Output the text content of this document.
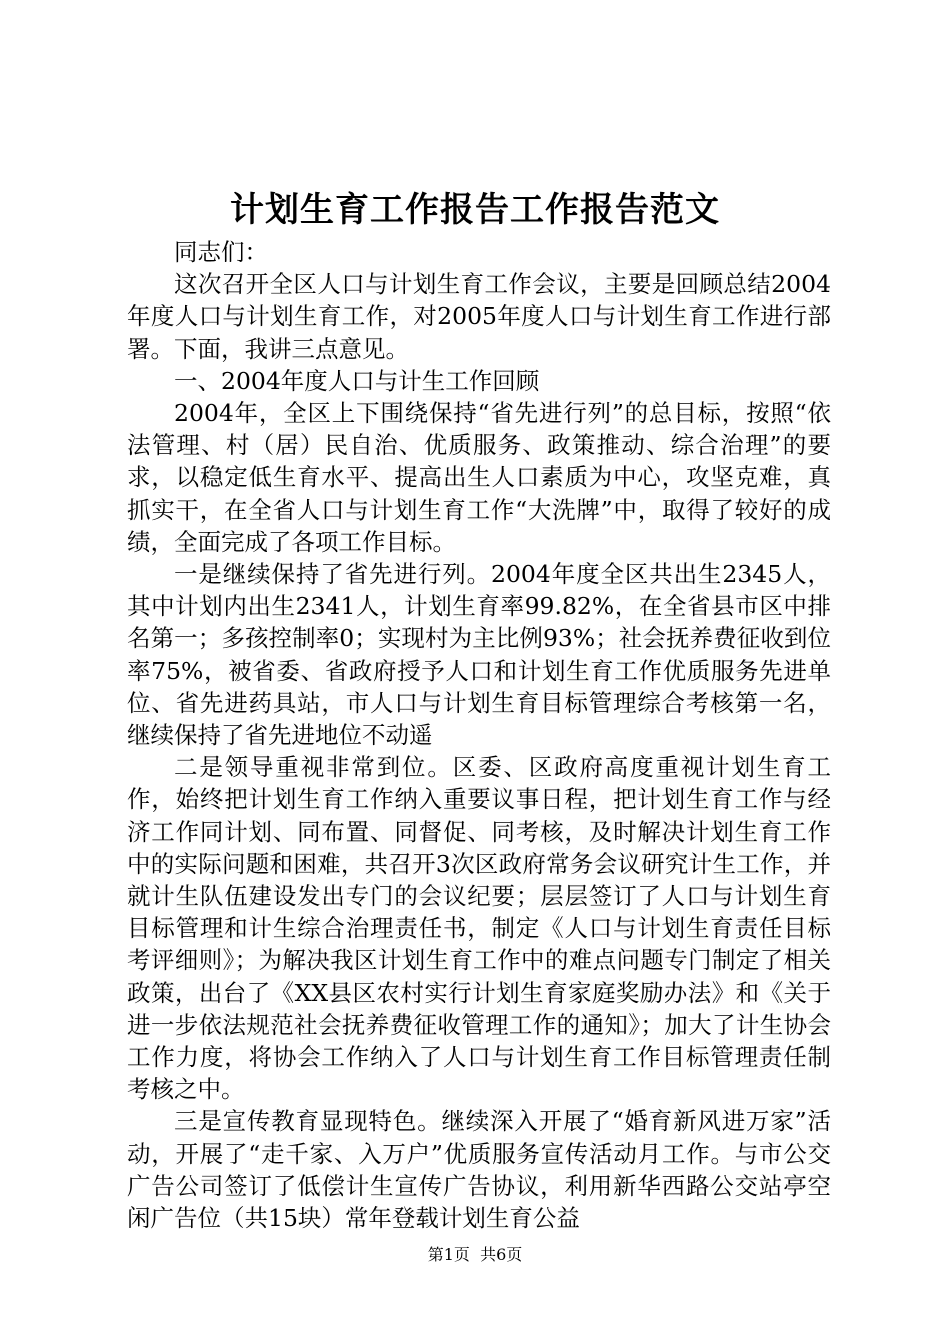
计划生育工作报告工作报告范文

同志们：

这次召开全区人口与计划生育工作会议，主要是回顾总结2004年度人口与计划生育工作，对2005年度人口与计划生育工作进行部署。下面，我讲三点意见。

一、2004年度人口与计生工作回顾

2004年，全区上下围绕保持“省先进行列”的总目标，按照“依法管理、村（居）民自治、优质服务、政策推动、综合治理”的要求，以稳定低生育水平、提高出生人口素质为中心，攻坚克难，真抓实干，在全省人口与计划生育工作“大洗牌”中，取得了较好的成绩，全面完成了各项工作目标。

一是继续保持了省先进行列。2004年度全区共出生2345人，其中计划内出生2341人，计划生育率99.82%，在全省县市区中排名第一；多孩控制率0；实现村为主比例93%；社会抚养费征收到位率75%，被省委、省政府授予人口和计划生育工作优质服务先进单位、省先进药具站，市人口与计划生育目标管理综合考核第一名，继续保持了省先进地位不动遥

二是领导重视非常到位。区委、区政府高度重视计划生育工作，始终把计划生育工作纳入重要议事日程，把计划生育工作与经济工作同计划、同布置、同督促、同考核，及时解决计划生育工作中的实际问题和困难，共召开3次区政府常务会议研究计生工作，并就计生队伍建设发出专门的会议纪要；层层签订了人口与计划生育目标管理和计生综合治理责任书，制定《人口与计划生育责任目标考评细则》；为解决我区计划生育工作中的难点问题专门制定了相关政策，出台了《XX县区农村实行计划生育家庭奖励办法》和《关于进一步依法规范社会抚养费征收管理工作的通知》；加大了计生协会工作力度，将协会工作纳入了人口与计划生育工作目标管理责任制考核之中。

三是宣传教育显现特色。继续深入开展了“婚育新风进万家”活动，开展了“走千家、入万户”优质服务宣传活动月工作。与市公交广告公司签订了低偿计生宣传广告协议，利用新华西路公交站亭空闲广告位（共15块）常年登载计划生育公益

第1页  共6页
